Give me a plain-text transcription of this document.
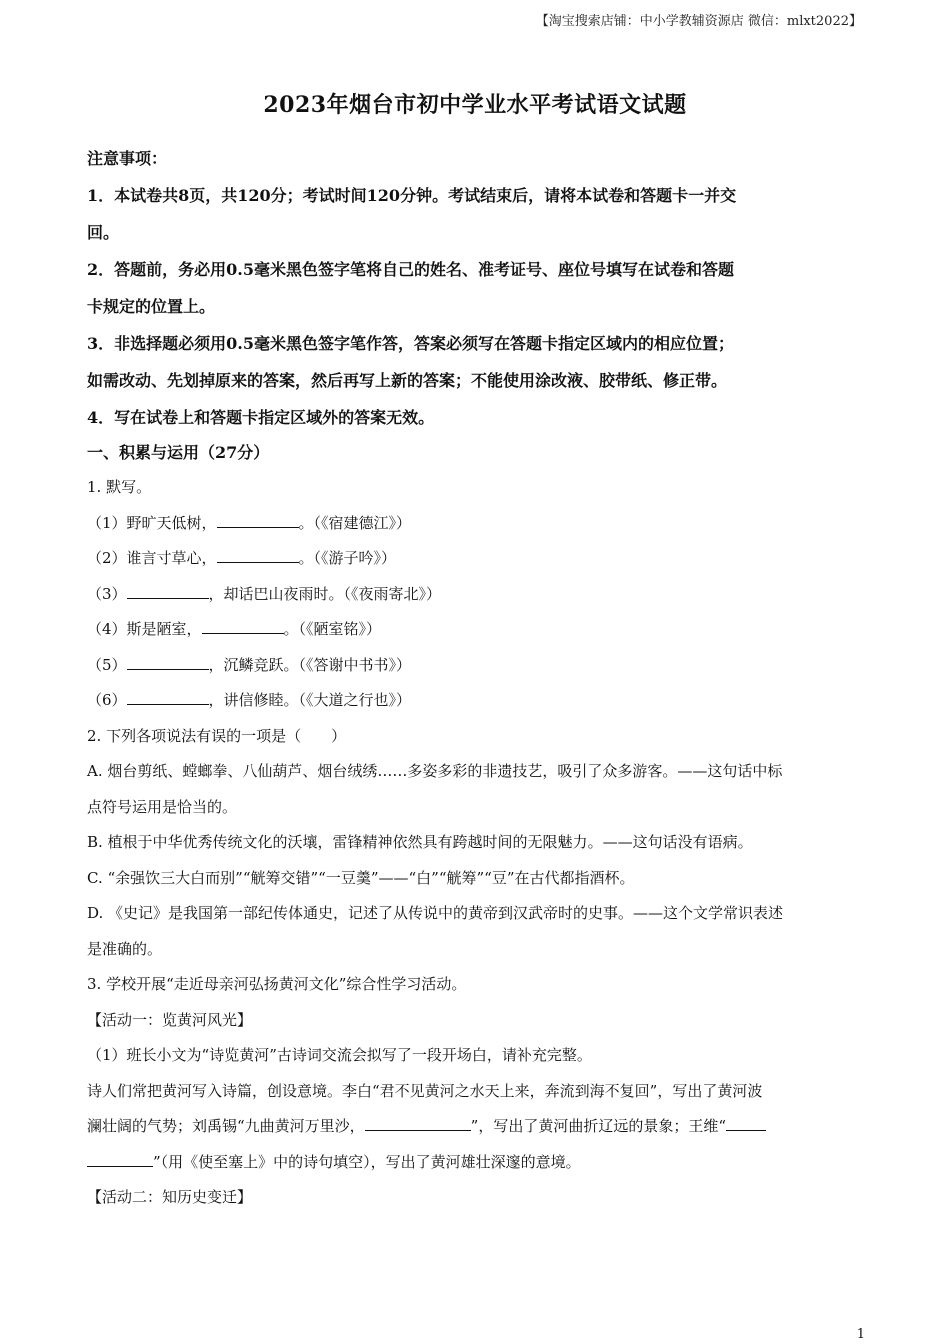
【淘宝搜索店铺：中小学教辅资源店 微信：mlxt2022】
2023年烟台市初中学业水平考试语文试题
注意事项：
1．本试卷共8页，共120分；考试时间120分钟。考试结束后，请将本试卷和答题卡一并交
回。
2．答题前，务必用0.5毫米黑色签字笔将自己的姓名、准考证号、座位号填写在试卷和答题
卡规定的位置上。
3．非选择题必须用0.5毫米黑色签字笔作答，答案必须写在答题卡指定区域内的相应位置；
如需改动、先划掉原来的答案，然后再写上新的答案；不能使用涂改液、胶带纸、修正带。
4．写在试卷上和答题卡指定区域外的答案无效。
一、积累与运用（27分）
1. 默写。
（1）野旷天低树，	。（《宿建德江》）
（2）谁言寸草心，	。（《游子吟》）
（3）	，却话巴山夜雨时。（《夜雨寄北》）
（4）斯是陋室，	。（《陋室铭》）
（5）	，沉鳞竞跃。（《答谢中书书》）
（6）	，讲信修睦。（《大道之行也》）
2. 下列各项说法有误的一项是（　　）
A. 烟台剪纸、螳螂拳、八仙葫芦、烟台绒绣……多姿多彩的非遗技艺，吸引了众多游客。——这句话中标
点符号运用是恰当的。
B. 植根于中华优秀传统文化的沃壤，雷锋精神依然具有跨越时间的无限魅力。——这句话没有语病。
C. “余强饮三大白而别”“觥筹交错”“一豆羹”——“白”“觥筹”“豆”在古代都指酒杯。
D. 《史记》是我国第一部纪传体通史，记述了从传说中的黄帝到汉武帝时的史事。——这个文学常识表述
是准确的。
3. 学校开展“走近母亲河弘扬黄河文化”综合性学习活动。
【活动一：览黄河风光】
（1）班长小文为“诗览黄河”古诗词交流会拟写了一段开场白，请补充完整。
诗人们常把黄河写入诗篇，创设意境。李白“君不见黄河之水天上来，奔流到海不复回”，写出了黄河波
澜壮阔的气势；刘禹锡“九曲黄河万里沙，	”，写出了黄河曲折辽远的景象；王维“
”（用《使至塞上》中的诗句填空），写出了黄河雄壮深邃的意境。
【活动二：知历史变迁】
1
